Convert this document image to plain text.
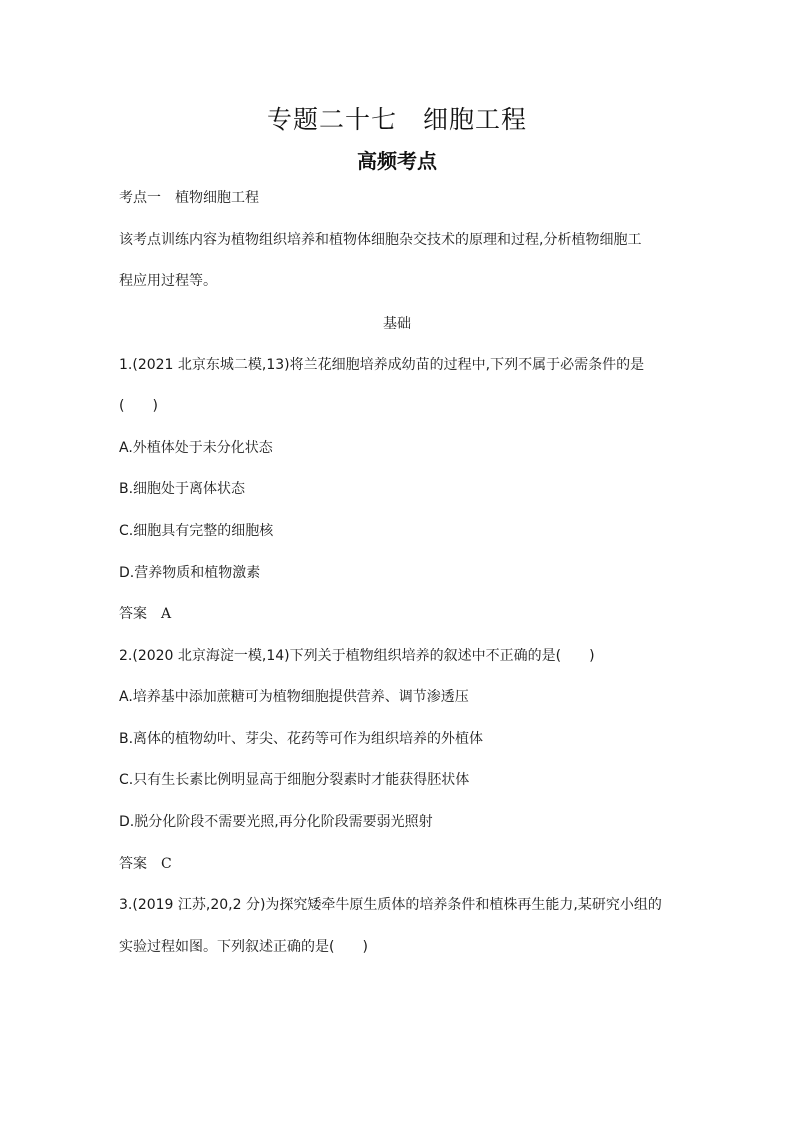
专题二十七　细胞工程
高频考点
考点一　植物细胞工程
该考点训练内容为植物组织培养和植物体细胞杂交技术的原理和过程,分析植物细胞工
程应用过程等。
基础
1.(2021 北京东城二模,13)将兰花细胞培养成幼苗的过程中,下列不属于必需条件的是
(　　)
A.外植体处于未分化状态
B.细胞处于离体状态
C.细胞具有完整的细胞核
D.营养物质和植物激素
答案 A
2.(2020 北京海淀一模,14)下列关于植物组织培养的叙述中不正确的是(　　)
A.培养基中添加蔗糖可为植物细胞提供营养、调节渗透压
B.离体的植物幼叶、芽尖、花药等可作为组织培养的外植体
C.只有生长素比例明显高于细胞分裂素时才能获得胚状体
D.脱分化阶段不需要光照,再分化阶段需要弱光照射
答案 C
3.(2019 江苏,20,2 分)为探究矮牵牛原生质体的培养条件和植株再生能力,某研究小组的
实验过程如图。下列叙述正确的是(　　)
